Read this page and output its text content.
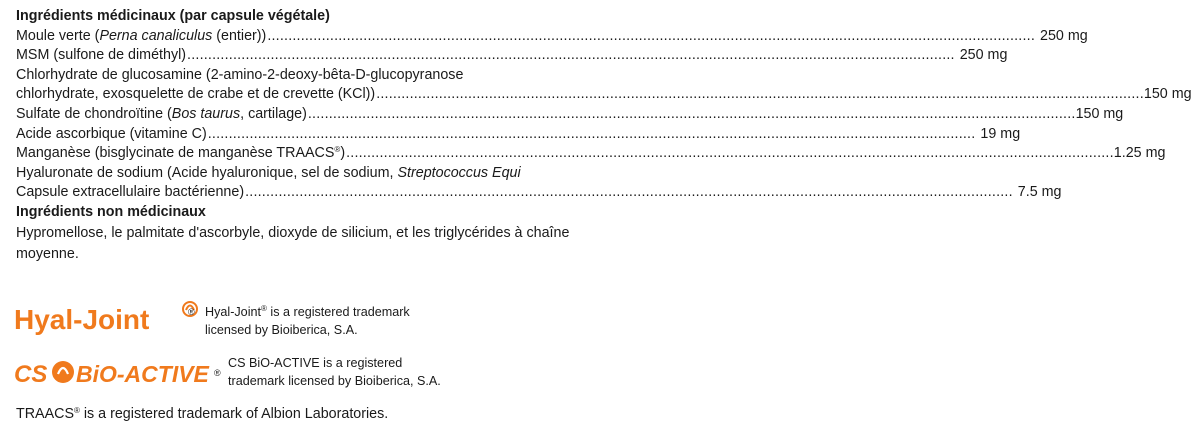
Ingrédients médicinaux (par capsule végétale)

Moule verte (Perna canaliculus (entier)) ........................................................................................................................................................................................ 250 mg
MSM (sulfone de diméthyl) ........................................................................................................................................................................................ 250 mg

Chlorhydrate de glucosamine (2-amino-2-deoxy-bêta-D-glucopyranose

chlorhydrate, exosquelette de crabe et de crevette (KCl)) ........................................................................................................................................................................................ 150 mg
Sulfate de chondroïtine (Bos taurus, cartilage) ........................................................................................................................................................................................ 150 mg
Acide ascorbique (vitamine C) ........................................................................................................................................................................................ 19 mg
Manganèse (bisglycinate de manganèse TRAACS®) ........................................................................................................................................................................................ 1.25 mg

Hyaluronate de sodium (Acide hyaluronique, sel de sodium, Streptococcus Equi

Capsule extracellulaire bactérienne) ........................................................................................................................................................................................ 7.5 mg

Ingrédients non médicinaux

Hypromellose, le palmitate d'ascorbyle, dioxyde de silicium, et les triglycérides à chaîne moyenne.

Hyal-Joint	® Hyal-Joint® is a registered trademark
licensed by Bioiberica, S.A.
CS BiO-ACTIVE ®
CS BiO-ACTIVE is a registered
trademark licensed by Bioiberica, S.A.
TRAACS® is a registered trademark of Albion Laboratories.
